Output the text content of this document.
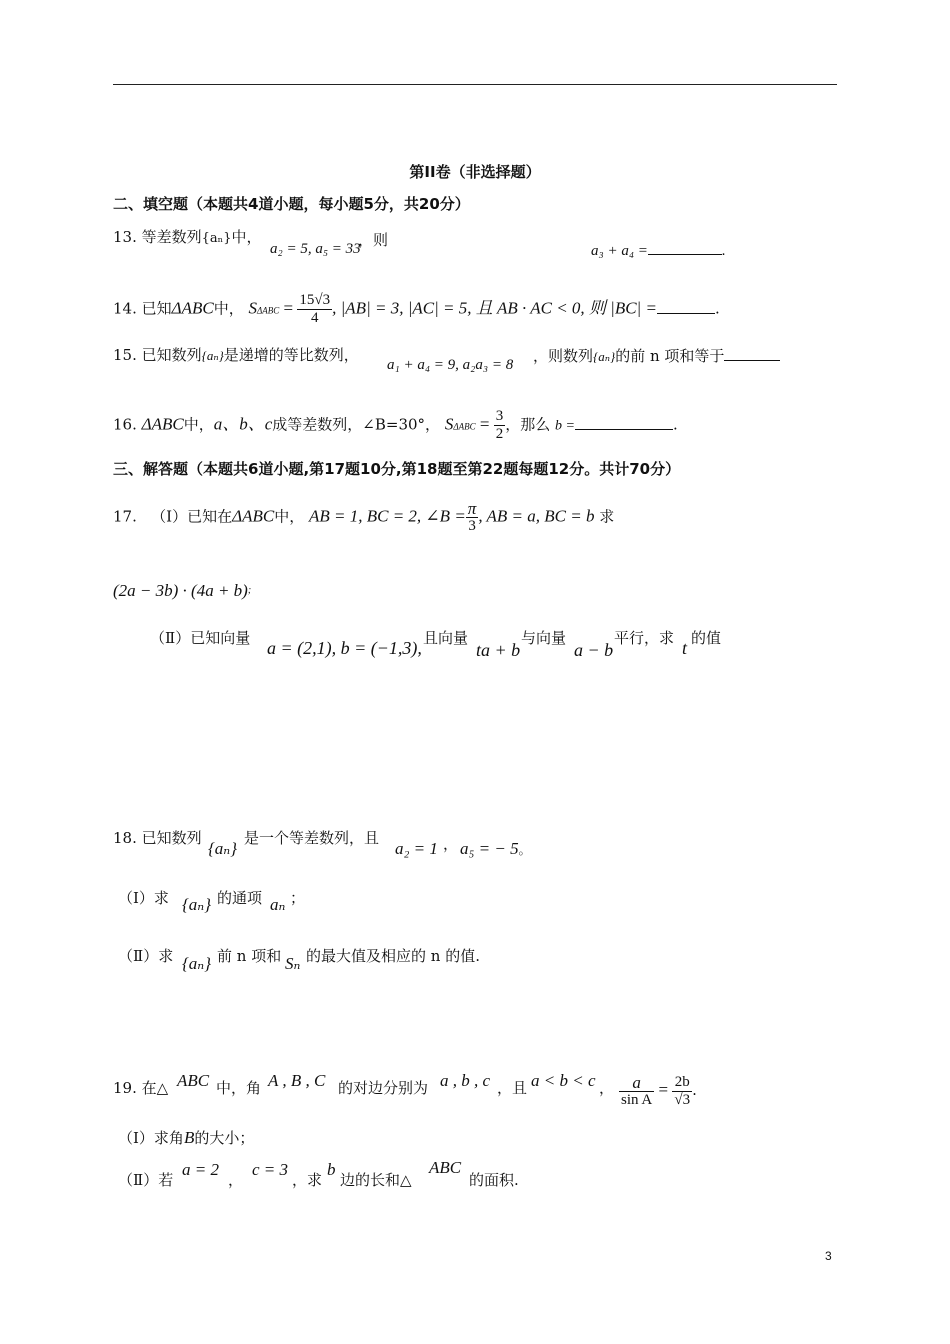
第II卷（非选择题）
二、填空题（本题共4道小题，每小题5分，共20分）
13. 等差数列{aₙ}中，
a₂ = 5, a₅ = 33
，则
a₃ + a₄ =	.
14. 已知ΔABC中， $S\Delta ABC = \frac{15√3}{4}$ , |AB| = 3, |AC| = 5, 且 AB · AC < 0, 则 |BC| =	.
15. 已知数列{aₙ}是递增的等比数列，
a₁ + a₄ = 9, a₂a₃ = 8 ，则数列{aₙ}的前 n 项和等于
16. ΔABC中，a、b、c成等差数列，∠B=30°， $S\Delta ABC = \frac{3}{2}$ ，那么 b =	.
三、解答题（本题共6道小题,第17题10分,第18题至第22题每题12分。共计70分）
17. （Ⅰ）已知在ΔABC中， AB = 1, BC = 2, ∠B = $\frac{\pi}{3}$ , AB = a, BC = b 求
(2a − 3b) · (4a + b);
（Ⅱ）已知向量 a = (2,1), b = (−1,3), 且向量
ta + b
与向量
a − b
平行，求 t 的值
18. 已知数列
{aₙ}
是一个等差数列，且
a₂ = 1 ， a₅ = − 5。
（Ⅰ）求 {aₙ} 的通项 aₙ ；
（Ⅱ）求 {aₙ} 前 n 项和 Sₙ 的最大值及相应的 n 的值.
19. 在△ ABC 中，角 A , B , C 的对边分别为 a , b , c ，且 a < b < c ， $\frac{a}{\text{sin A}} = \frac{2b}{√3}$ .
（Ⅰ）求角B的大小；
（Ⅱ）若
a = 2
，
c = 3
，求
b
边的长和△
ABC
的面积.
3
